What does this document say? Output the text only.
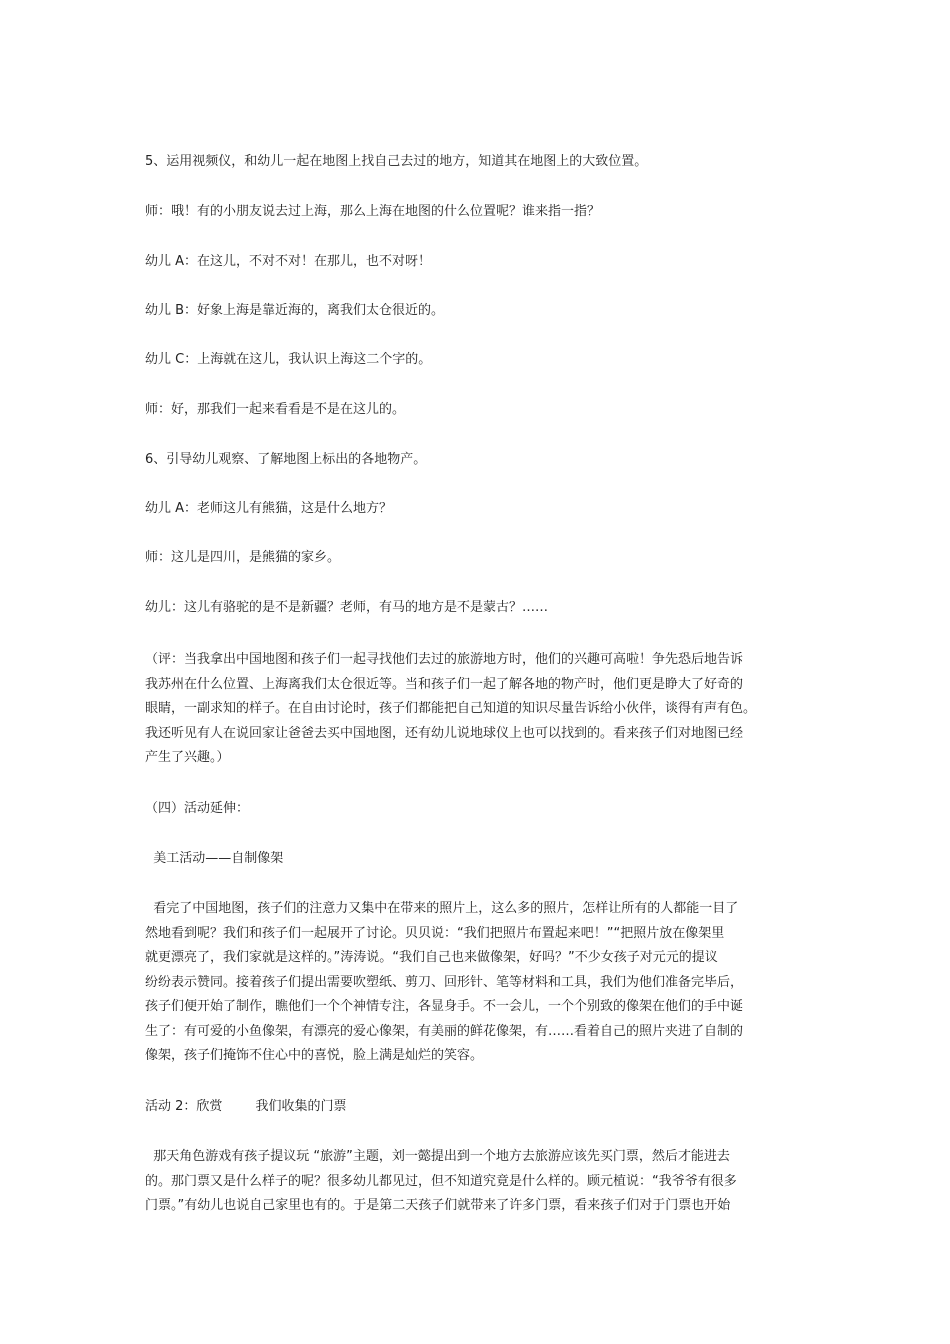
5、运用视频仪，和幼儿一起在地图上找自己去过的地方，知道其在地图上的大致位置。

师：哦！有的小朋友说去过上海，那么上海在地图的什么位置呢？谁来指一指？

幼儿 A：在这儿，不对不对！在那儿，也不对呀！

幼儿 B：好象上海是靠近海的，离我们太仓很近的。

幼儿 C：上海就在这儿，我认识上海这二个字的。

师：好，那我们一起来看看是不是在这儿的。

6、引导幼儿观察、了解地图上标出的各地物产。

幼儿 A：老师这儿有熊猫，这是什么地方？

师：这儿是四川，是熊猫的家乡。

幼儿：这儿有骆驼的是不是新疆？老师，有马的地方是不是蒙古？……

（评：当我拿出中国地图和孩子们一起寻找他们去过的旅游地方时，他们的兴趣可高啦！争先恐后地告诉
我苏州在什么位置、上海离我们太仓很近等。当和孩子们一起了解各地的物产时，他们更是睁大了好奇的
眼睛，一副求知的样子。在自由讨论时，孩子们都能把自己知道的知识尽量告诉给小伙伴，谈得有声有色。
我还听见有人在说回家让爸爸去买中国地图，还有幼儿说地球仪上也可以找到的。看来孩子们对地图已经
产生了兴趣。）

（四）活动延伸：

美工活动——自制像架

看完了中国地图，孩子们的注意力又集中在带来的照片上，这么多的照片，怎样让所有的人都能一目了
然地看到呢？我们和孩子们一起展开了讨论。贝贝说：“我们把照片布置起来吧！”“把照片放在像架里
就更漂亮了，我们家就是这样的。”涛涛说。“我们自己也来做像架，好吗？”不少女孩子对元元的提议
纷纷表示赞同。接着孩子们提出需要吹塑纸、剪刀、回形针、笔等材料和工具，我们为他们准备完毕后，
孩子们便开始了制作，瞧他们一个个神情专注，各显身手。不一会儿，一个个别致的像架在他们的手中诞
生了：有可爱的小鱼像架，有漂亮的爱心像架，有美丽的鲜花像架，有……看着自己的照片夹进了自制的
像架，孩子们掩饰不住心中的喜悦，脸上满是灿烂的笑容。

活动 2：欣赏        我们收集的门票

那天角色游戏有孩子提议玩 “旅游”主题，刘一懿提出到一个地方去旅游应该先买门票，然后才能进去
的。那门票又是什么样子的呢？很多幼儿都见过，但不知道究竟是什么样的。顾元植说：“我爷爷有很多
门票。”有幼儿也说自己家里也有的。于是第二天孩子们就带来了许多门票，看来孩子们对于门票也开始
